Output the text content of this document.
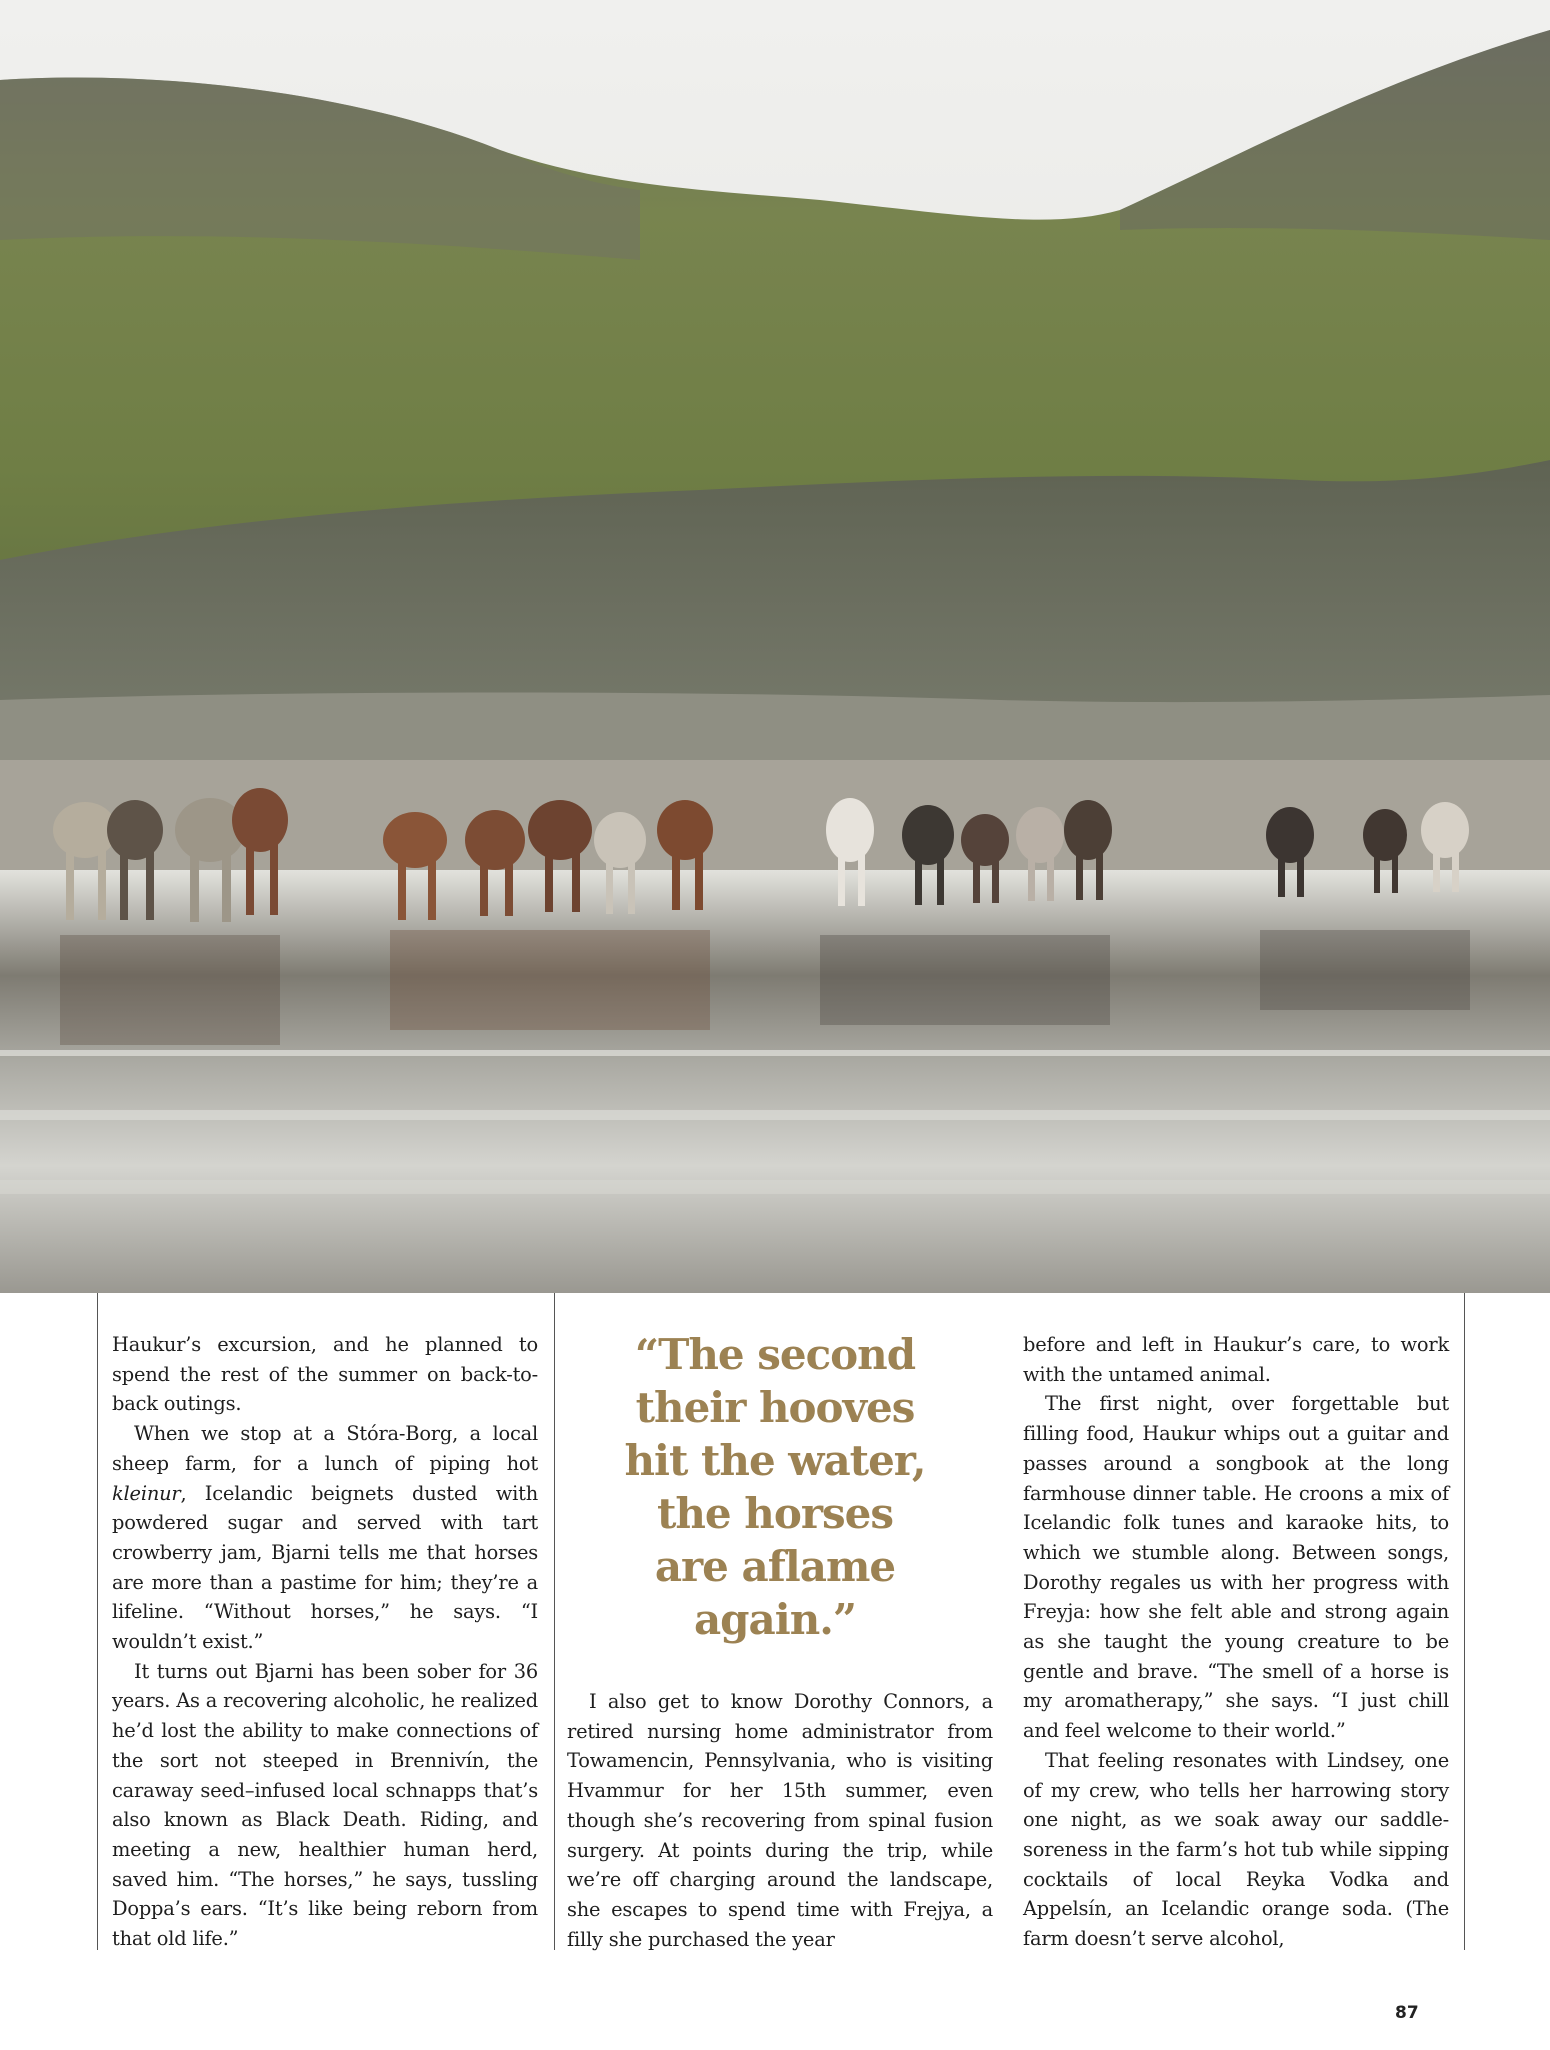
Haukur’s excursion, and he planned to spend the rest of the summer on back-to-back outings.

When we stop at a Stóra-Borg, a local sheep farm, for a lunch of piping hot kleinur, Icelandic beignets dusted with powdered sugar and served with tart crowberry jam, Bjarni tells me that horses are more than a pastime for him; they’re a lifeline. “Without horses,” he says. “I wouldn’t exist.”

It turns out Bjarni has been sober for 36 years. As a recovering alcoholic, he realized he’d lost the ability to make connections of the sort not steeped in Brennivín, the caraway seed–infused local schnapps that’s also known as Black Death. Riding, and meeting a new, healthier human herd, saved him. “The horses,” he says, tussling Doppa’s ears. “It’s like being reborn from that old life.”

“The second
their hooves
hit the water,
the horses
are aflame
again.”

I also get to know Dorothy Connors, a retired nursing home administrator from Towamencin, Pennsylvania, who is visiting Hvammur for her 15th summer, even though she’s recovering from spinal fusion surgery. At points during the trip, while we’re off charging around the landscape, she escapes to spend time with Frejya, a filly she purchased the year

before and left in Haukur’s care, to work with the untamed animal.

The first night, over forgettable but filling food, Haukur whips out a guitar and passes around a songbook at the long farmhouse dinner table. He croons a mix of Icelandic folk tunes and karaoke hits, to which we stumble along. Between songs, Dorothy regales us with her progress with Freyja: how she felt able and strong again as she taught the young creature to be gentle and brave. “The smell of a horse is my aromatherapy,” she says. “I just chill and feel welcome to their world.”

That feeling resonates with Lindsey, one of my crew, who tells her harrowing story one night, as we soak away our saddle-soreness in the farm’s hot tub while sipping cocktails of local Reyka Vodka and Appelsín, an Icelandic orange soda. (The farm doesn’t serve alcohol,

87
